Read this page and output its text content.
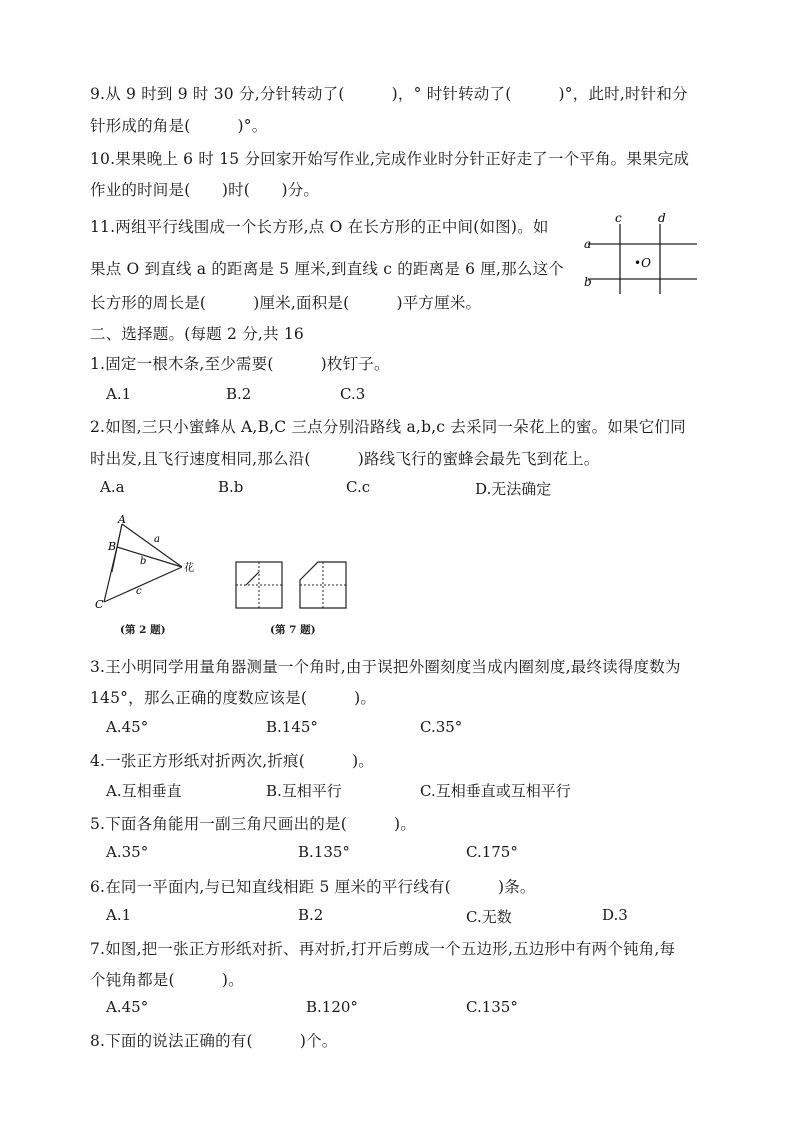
9.从 9 时到 9 时 30 分,分针转动了(　　　)，° 时针转动了(　　　)°，此时,时针和分
针形成的角是(　　　)°。
10.果果晚上 6 时 15 分回家开始写作业,完成作业时分针正好走了一个平角。果果完成
作业的时间是(　　)时(　　)分。
11.两组平行线围成一个长方形,点 O 在长方形的正中间(如图)。如
果点 O 到直线 a 的距离是 5 厘米,到直线 c 的距离是 6 厘,那么这个
长方形的周长是(　　　)厘米,面积是(　　　)平方厘米。
c	d
a
b
•O
二、选择题。(每题 2 分,共 16
1.固定一根木条,至少需要(　　　)枚钉子。
A.1	B.2	C.3
2.如图,三只小蜜蜂从 A,B,C 三点分别沿路线 a,b,c 去采同一朵花上的蜜。如果它们同
时出发,且飞行速度相同,那么沿(　　　)路线飞行的蜜蜂会最先飞到花上。
A.a	B.b	C.c	D.无法确定
A
B
C
a
b
c
花
(第 2 题)	(第 7 题)
3.王小明同学用量角器测量一个角时,由于误把外圈刻度当成内圈刻度,最终读得度数为
145°，那么正确的度数应该是(　　　)。
A.45°	B.145°	C.35°
4.一张正方形纸对折两次,折痕(　　　)。
A.互相垂直	B.互相平行	C.互相垂直或互相平行
5.下面各角能用一副三角尺画出的是(　　　)。
A.35°	B.135°	C.175°
6.在同一平面内,与已知直线相距 5 厘米的平行线有(　　　)条。
A.1	B.2	C.无数	D.3
7.如图,把一张正方形纸对折、再对折,打开后剪成一个五边形,五边形中有两个钝角,每
个钝角都是(　　　)。
A.45°	B.120°	C.135°
8.下面的说法正确的有(　　　)个。
